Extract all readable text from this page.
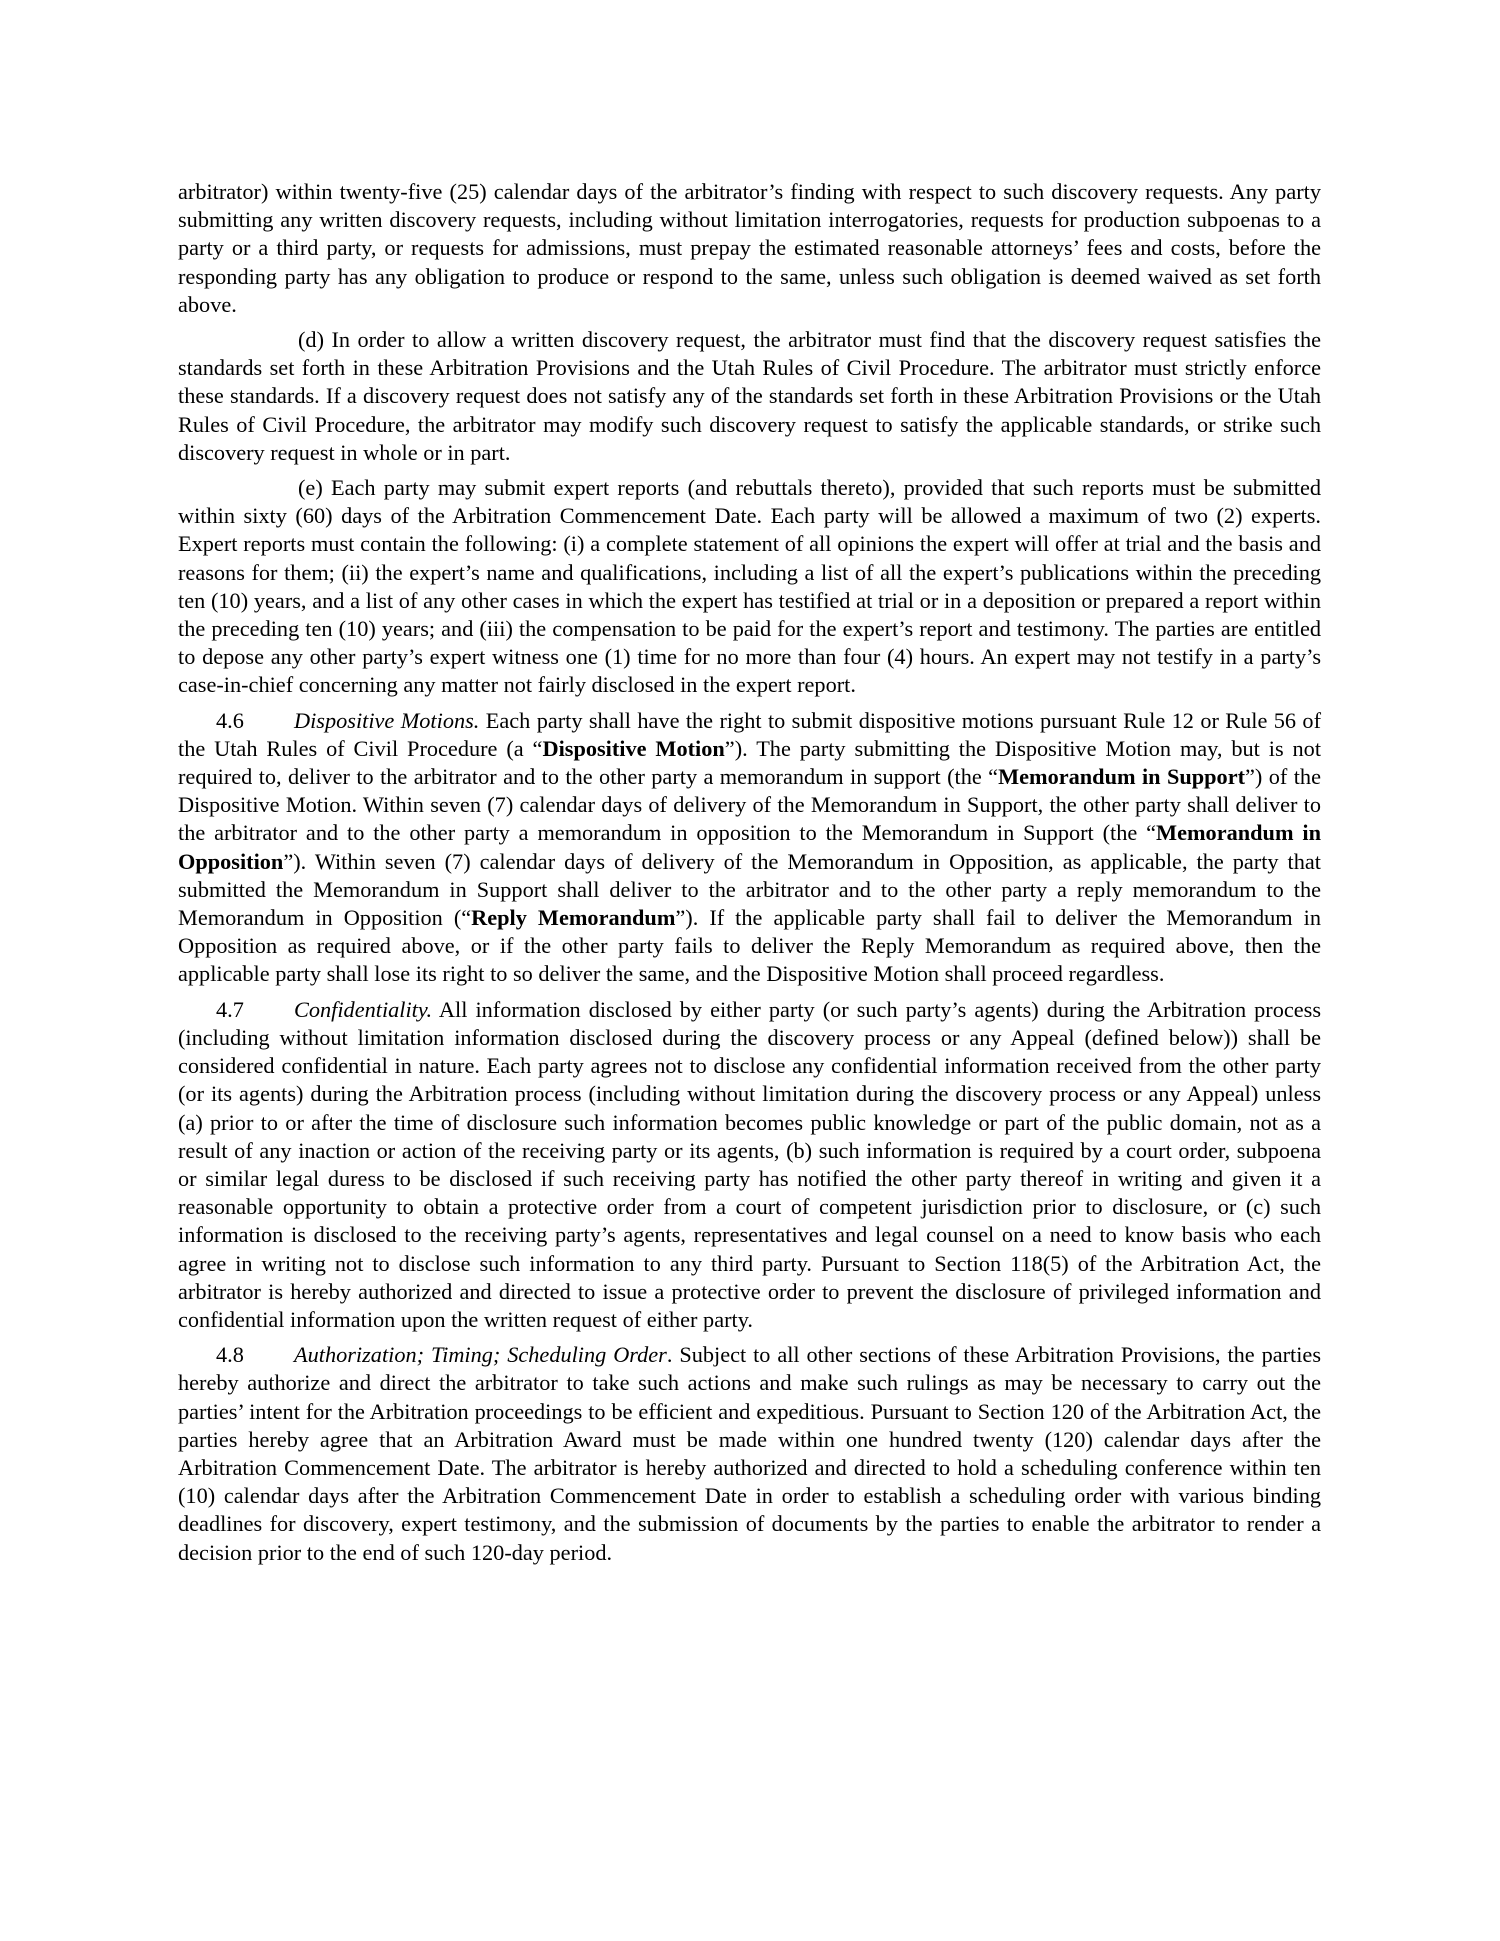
arbitrator) within twenty-five (25) calendar days of the arbitrator’s finding with respect to such discovery requests. Any party submitting any written discovery requests, including without limitation interrogatories, requests for production subpoenas to a party or a third party, or requests for admissions, must prepay the estimated reasonable attorneys’ fees and costs, before the responding party has any obligation to produce or respond to the same, unless such obligation is deemed waived as set forth above.

(d) In order to allow a written discovery request, the arbitrator must find that the discovery request satisfies the standards set forth in these Arbitration Provisions and the Utah Rules of Civil Procedure. The arbitrator must strictly enforce these standards. If a discovery request does not satisfy any of the standards set forth in these Arbitration Provisions or the Utah Rules of Civil Procedure, the arbitrator may modify such discovery request to satisfy the applicable standards, or strike such discovery request in whole or in part.

(e) Each party may submit expert reports (and rebuttals thereto), provided that such reports must be submitted within sixty (60) days of the Arbitration Commencement Date. Each party will be allowed a maximum of two (2) experts. Expert reports must contain the following: (i) a complete statement of all opinions the expert will offer at trial and the basis and reasons for them; (ii) the expert’s name and qualifications, including a list of all the expert’s publications within the preceding ten (10) years, and a list of any other cases in which the expert has testified at trial or in a deposition or prepared a report within the preceding ten (10) years; and (iii) the compensation to be paid for the expert’s report and testimony. The parties are entitled to depose any other party’s expert witness one (1) time for no more than four (4) hours. An expert may not testify in a party’s case-in-chief concerning any matter not fairly disclosed in the expert report.

4.6 Dispositive Motions. Each party shall have the right to submit dispositive motions pursuant Rule 12 or Rule 56 of the Utah Rules of Civil Procedure (a “Dispositive Motion”). The party submitting the Dispositive Motion may, but is not required to, deliver to the arbitrator and to the other party a memorandum in support (the “Memorandum in Support”) of the Dispositive Motion. Within seven (7) calendar days of delivery of the Memorandum in Support, the other party shall deliver to the arbitrator and to the other party a memorandum in opposition to the Memorandum in Support (the “Memorandum in Opposition”). Within seven (7) calendar days of delivery of the Memorandum in Opposition, as applicable, the party that submitted the Memorandum in Support shall deliver to the arbitrator and to the other party a reply memorandum to the Memorandum in Opposition (“Reply Memorandum”). If the applicable party shall fail to deliver the Memorandum in Opposition as required above, or if the other party fails to deliver the Reply Memorandum as required above, then the applicable party shall lose its right to so deliver the same, and the Dispositive Motion shall proceed regardless.

4.7 Confidentiality. All information disclosed by either party (or such party’s agents) during the Arbitration process (including without limitation information disclosed during the discovery process or any Appeal (defined below)) shall be considered confidential in nature. Each party agrees not to disclose any confidential information received from the other party (or its agents) during the Arbitration process (including without limitation during the discovery process or any Appeal) unless (a) prior to or after the time of disclosure such information becomes public knowledge or part of the public domain, not as a result of any inaction or action of the receiving party or its agents, (b) such information is required by a court order, subpoena or similar legal duress to be disclosed if such receiving party has notified the other party thereof in writing and given it a reasonable opportunity to obtain a protective order from a court of competent jurisdiction prior to disclosure, or (c) such information is disclosed to the receiving party’s agents, representatives and legal counsel on a need to know basis who each agree in writing not to disclose such information to any third party. Pursuant to Section 118(5) of the Arbitration Act, the arbitrator is hereby authorized and directed to issue a protective order to prevent the disclosure of privileged information and confidential information upon the written request of either party.

4.8 Authorization; Timing; Scheduling Order. Subject to all other sections of these Arbitration Provisions, the parties hereby authorize and direct the arbitrator to take such actions and make such rulings as may be necessary to carry out the parties’ intent for the Arbitration proceedings to be efficient and expeditious. Pursuant to Section 120 of the Arbitration Act, the parties hereby agree that an Arbitration Award must be made within one hundred twenty (120) calendar days after the Arbitration Commencement Date. The arbitrator is hereby authorized and directed to hold a scheduling conference within ten (10) calendar days after the Arbitration Commencement Date in order to establish a scheduling order with various binding deadlines for discovery, expert testimony, and the submission of documents by the parties to enable the arbitrator to render a decision prior to the end of such 120-day period.
